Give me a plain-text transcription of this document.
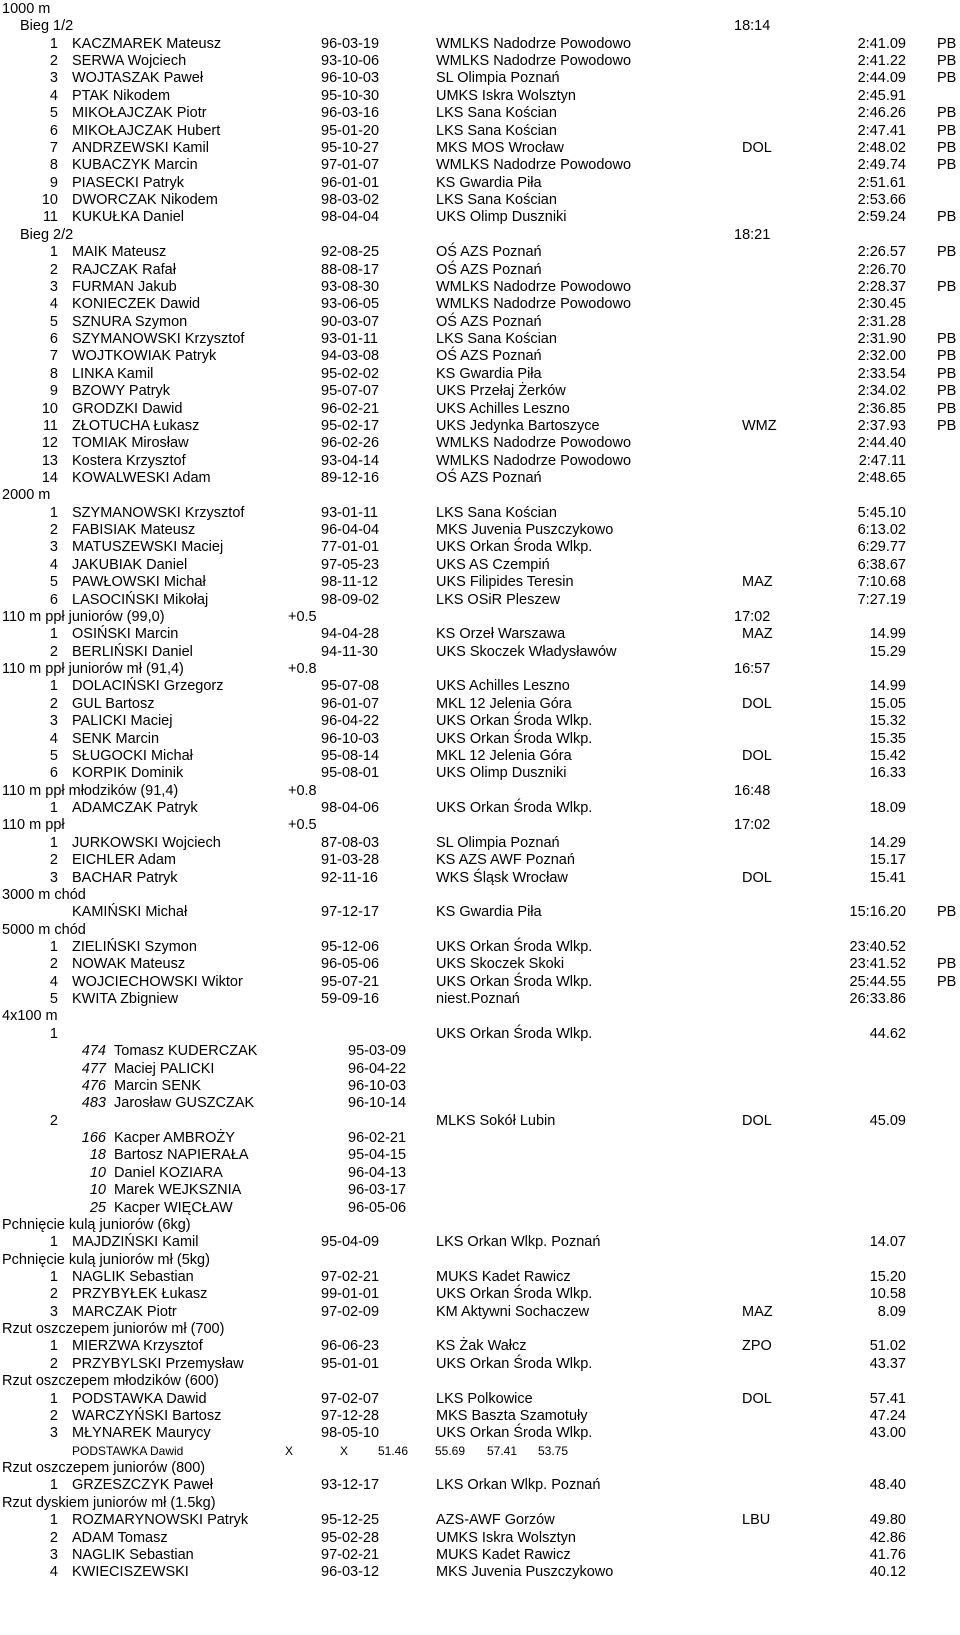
1000 m
Bieg 1/2	18:14
1 KACZMAREK Mateusz	96-03-19	WMLKS Nadodrze Powodowo	2:41.09 PB
2 SERWA Wojciech	93-10-06	WMLKS Nadodrze Powodowo	2:41.22 PB
3 WOJTASZAK Paweł	96-10-03	SL Olimpia Poznań	2:44.09 PB
4 PTAK Nikodem	95-10-30	UMKS Iskra Wolsztyn	2:45.91
5 MIKOŁAJCZAK Piotr	96-03-16	LKS Sana Kościan	2:46.26 PB
6 MIKOŁAJCZAK Hubert	95-01-20	LKS Sana Kościan	2:47.41 PB
7 ANDRZEWSKI Kamil	95-10-27	MKS MOS Wrocław	DOL	2:48.02 PB
8 KUBACZYK Marcin	97-01-07	WMLKS Nadodrze Powodowo	2:49.74 PB
9 PIASECKI Patryk	96-01-01	KS Gwardia Piła	2:51.61
10 DWORCZAK Nikodem	98-03-02	LKS Sana Kościan	2:53.66
11 KUKUŁKA Daniel	98-04-04	UKS Olimp Duszniki	2:59.24 PB
Bieg 2/2	18:21
1 MAIK Mateusz	92-08-25	OŚ AZS Poznań	2:26.57 PB
2 RAJCZAK Rafał	88-08-17	OŚ AZS Poznań	2:26.70
3 FURMAN Jakub	93-08-30	WMLKS Nadodrze Powodowo	2:28.37 PB
4 KONIECZEK Dawid	93-06-05	WMLKS Nadodrze Powodowo	2:30.45
5 SZNURA Szymon	90-03-07	OŚ AZS Poznań	2:31.28
6 SZYMANOWSKI Krzysztof	93-01-11	LKS Sana Kościan	2:31.90 PB
7 WOJTKOWIAK Patryk	94-03-08	OŚ AZS Poznań	2:32.00 PB
8 LINKA Kamil	95-02-02	KS Gwardia Piła	2:33.54 PB
9 BZOWY Patryk	95-07-07	UKS Przełaj Żerków	2:34.02 PB
10 GRODZKI Dawid	96-02-21	UKS Achilles Leszno	2:36.85 PB
11 ZŁOTUCHA Łukasz	95-02-17	UKS Jedynka Bartoszyce	WMZ	2:37.93 PB
12 TOMIAK Mirosław	96-02-26	WMLKS Nadodrze Powodowo	2:44.40
13 Kostera Krzysztof	93-04-14	WMLKS Nadodrze Powodowo	2:47.11
14 KOWALWESKI Adam	89-12-16	OŚ AZS Poznań	2:48.65
2000 m
1 SZYMANOWSKI Krzysztof	93-01-11	LKS Sana Kościan	5:45.10
2 FABISIAK Mateusz	96-04-04	MKS Juvenia Puszczykowo	6:13.02
3 MATUSZEWSKI Maciej	77-01-01	UKS Orkan Środa Wlkp.	6:29.77
4 JAKUBIAK Daniel	97-05-23	UKS AS Czempiń	6:38.67
5 PAWŁOWSKI Michał	98-11-12	UKS Filipides Teresin	MAZ	7:10.68
6 LASOCIŃSKI Mikołaj	98-09-02	LKS OSiR Pleszew	7:27.19
110 m ppł juniorów (99,0)	+0.5	17:02
1 OSIŃSKI Marcin	94-04-28	KS Orzeł Warszawa	MAZ	14.99
2 BERLIŃSKI Daniel	94-11-30	UKS Skoczek Władysławów	15.29
110 m ppł juniorów mł (91,4)	+0.8	16:57
1 DOLACIŃSKI Grzegorz	95-07-08	UKS Achilles Leszno	14.99
2 GUL Bartosz	96-01-07	MKL 12 Jelenia Góra	DOL	15.05
3 PALICKI Maciej	96-04-22	UKS Orkan Środa Wlkp.	15.32
4 SENK Marcin	96-10-03	UKS Orkan Środa Wlkp.	15.35
5 SŁUGOCKI Michał	95-08-14	MKL 12 Jelenia Góra	DOL	15.42
6 KORPIK Dominik	95-08-01	UKS Olimp Duszniki	16.33
110 m ppł młodzików (91,4)	+0.8	16:48
1 ADAMCZAK Patryk	98-04-06	UKS Orkan Środa Wlkp.	18.09
110 m ppł	+0.5	17:02
1 JURKOWSKI Wojciech	87-08-03	SL Olimpia Poznań	14.29
2 EICHLER Adam	91-03-28	KS AZS AWF Poznań	15.17
3 BACHAR Patryk	92-11-16	WKS Śląsk Wrocław	DOL	15.41
3000 m chód
KAMIŃSKI Michał	97-12-17	KS Gwardia Piła	15:16.20 PB
5000 m chód
1 ZIELIŃSKI Szymon	95-12-06	UKS Orkan Środa Wlkp.	23:40.52
2 NOWAK Mateusz	96-05-06	UKS Skoczek Skoki	23:41.52 PB
4 WOJCIECHOWSKI Wiktor	95-07-21	UKS Orkan Środa Wlkp.	25:44.55 PB
5 KWITA Zbigniew	59-09-16	niest.Poznań	26:33.86
4x100 m
1	UKS Orkan Środa Wlkp.	44.62
474 Tomasz KUDERCZAK	95-03-09
477 Maciej PALICKI	96-04-22
476 Marcin SENK	96-10-03
483 Jarosław GUSZCZAK	96-10-14
2	MLKS Sokół Lubin	DOL	45.09
166 Kacper AMBROŻY	96-02-21
18 Bartosz NAPIERAŁA	95-04-15
10 Daniel KOZIARA	96-04-13
10 Marek WEJKSZNIA	96-03-17
25 Kacper WIĘCŁAW	96-05-06
Pchnięcie kulą juniorów (6kg)
1 MAJDZIŃSKI Kamil	95-04-09	LKS Orkan Wlkp. Poznań	14.07
Pchnięcie kulą juniorów mł (5kg)
1 NAGLIK Sebastian	97-02-21	MUKS Kadet Rawicz	15.20
2 PRZYBYŁEK Łukasz	99-01-01	UKS Orkan Środa Wlkp.	10.58
3 MARCZAK Piotr	97-02-09	KM Aktywni Sochaczew	MAZ	8.09
Rzut oszczepem juniorów mł (700)
1 MIERZWA Krzysztof	96-06-23	KS Żak Wałcz	ZPO	51.02
2 PRZYBYLSKI Przemysław	95-01-01	UKS Orkan Środa Wlkp.	43.37
Rzut oszczepem młodzików (600)
1 PODSTAWKA Dawid	97-02-07	LKS Polkowice	DOL	57.41
2 WARCZYŃSKI Bartosz	97-12-28	MKS Baszta Szamotuły	47.24
3 MŁYNAREK Maurycy	98-05-10	UKS Orkan Środa Wlkp.	43.00
PODSTAWKA Dawid	X	X 51.46 55.69 57.41 53.75
Rzut oszczepem juniorów (800)
1 GRZESZCZYK Paweł	93-12-17	LKS Orkan Wlkp. Poznań	48.40
Rzut dyskiem juniorów mł (1.5kg)
1 ROZMARYNOWSKI Patryk	95-12-25	AZS-AWF Gorzów	LBU	49.80
2 ADAM Tomasz	95-02-28	UMKS Iskra Wolsztyn	42.86
3 NAGLIK Sebastian	97-02-21	MUKS Kadet Rawicz	41.76
4 KWIECISZEWSKI	96-03-12	MKS Juvenia Puszczykowo	40.12
